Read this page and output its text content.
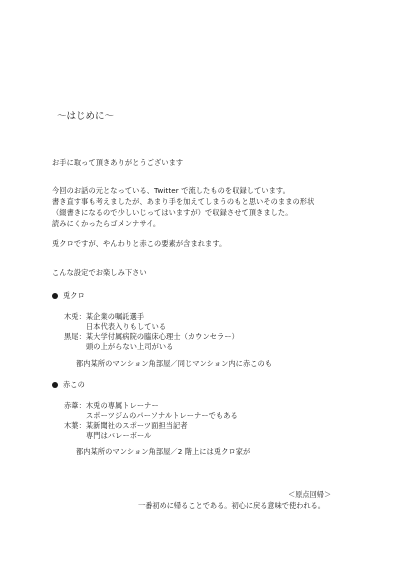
～はじめに～
お手に取って頂きありがとうございます
今回のお話の元となっている、Twitter で流したものを収録しています。
書き直す事も考えましたが、あまり手を加えてしまうのもと思いそのままの形状
（綴書きになるので少しいじってはいますが）で収録させて頂きました。
読みにくかったらゴメンナサイ。
兎クロですが、やんわりと赤この要素が含まれます。
こんな設定でお楽しみ下さい
兎クロ
木兎：某企業の嘱託選手
日本代表入りもしている
黒尾：某大学付属病院の臨床心理士（カウンセラー）
頭の上がらない上司がいる
都内某所のマンション角部屋／同じマンション内に赤このも
赤この
赤葦：木兎の専属トレーナー
スポーツジムのパーソナルトレーナーでもある
木葉：某新聞社のスポーツ面担当記者
専門はバレーボール
都内某所のマンション角部屋／2 階上には兎クロ家が
＜原点回帰＞
一番初めに帰ることである。初心に戻る意味で使われる。
